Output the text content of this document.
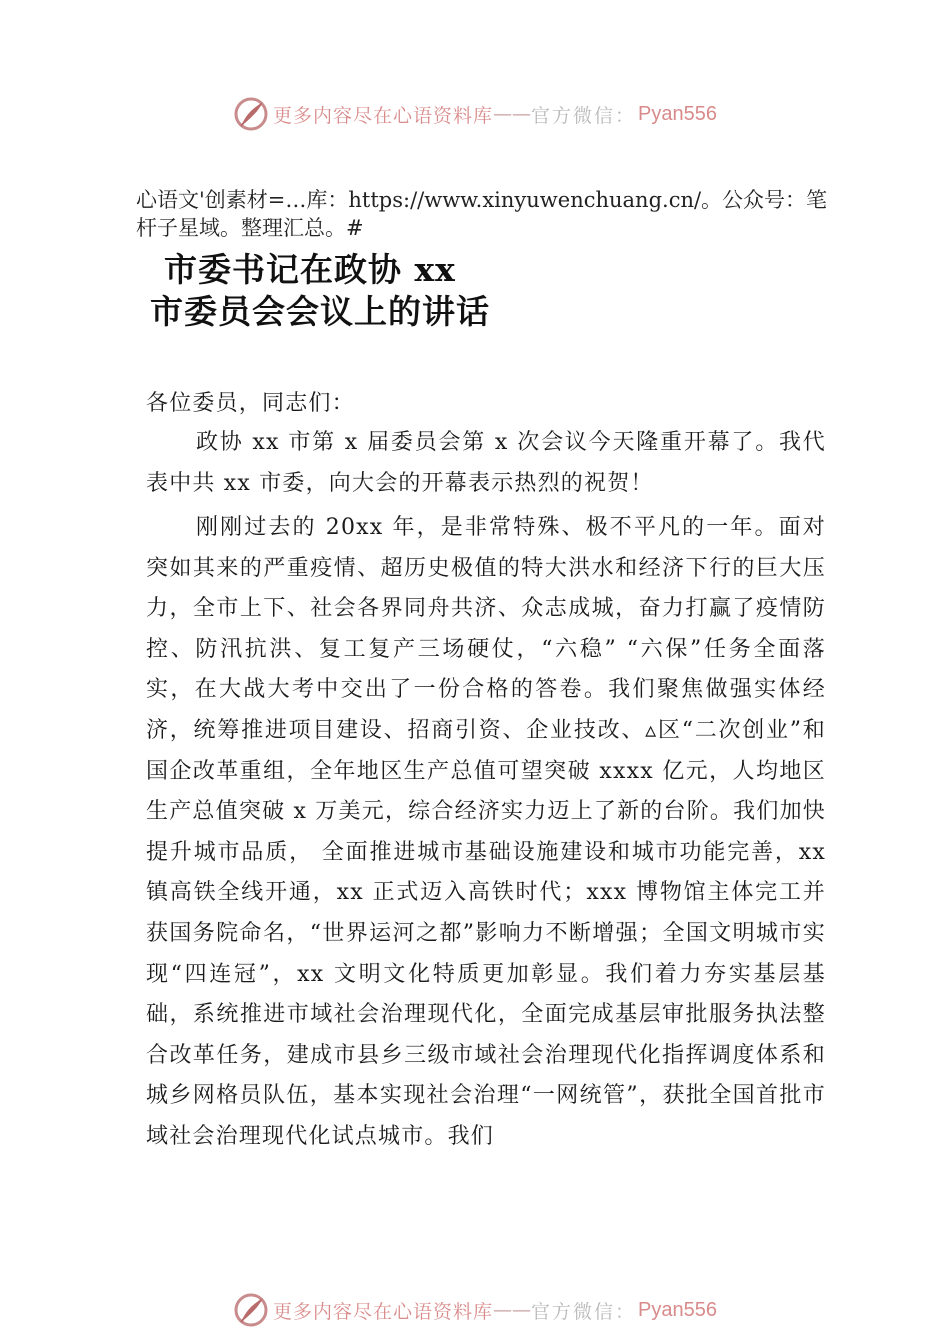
更多内容尽在心语资料库 —— 官方微信： Pyan556
心语文'创素材=…库：https://www.xinyuwenchuang.cn/。公众号：笔杆子星域。整理汇总。#
市委书记在政协 xx
市委员会会议上的讲话
各位委员，同志们：
政协 xx 市第 x 届委员会第 x 次会议今天隆重开幕了。我代表中共 xx 市委，向大会的开幕表示热烈的祝贺！
刚刚过去的 20xx 年，是非常特殊、极不平凡的一年。面对突如其来的严重疫情、超历史极值的特大洪水和经济下行的巨大压力，全市上下、社会各界同舟共济、众志成城，奋力打赢了疫情防控、防汛抗洪、复工复产三场硬仗，“六稳” “六保”任务全面落实，在大战大考中交出了一份合格的答卷。我们聚焦做强实体经济，统筹推进项目建设、招商引资、企业技改、▵区“二次创业”和国企改革重组，全年地区生产总值可望突破 xxxx 亿元，人均地区生产总值突破 x 万美元，综合经济实力迈上了新的台阶。我们加快提升城市品质， 全面推进城市基础设施建设和城市功能完善，xx 镇高铁全线开通，xx 正式迈入高铁时代；xxx 博物馆主体完工并获国务院命名，“世界运河之都”影响力不断增强；全国文明城市实现“四连冠”，xx 文明文化特质更加彰显。我们着力夯实基层基础，系统推进市域社会治理现代化，全面完成基层审批服务执法整合改革任务，建成市县乡三级市域社会治理现代化指挥调度体系和城乡网格员队伍，基本实现社会治理“一网统管”，获批全国首批市域社会治理现代化试点城市。我们
更多内容尽在心语资料库 —— 官方微信： Pyan556
